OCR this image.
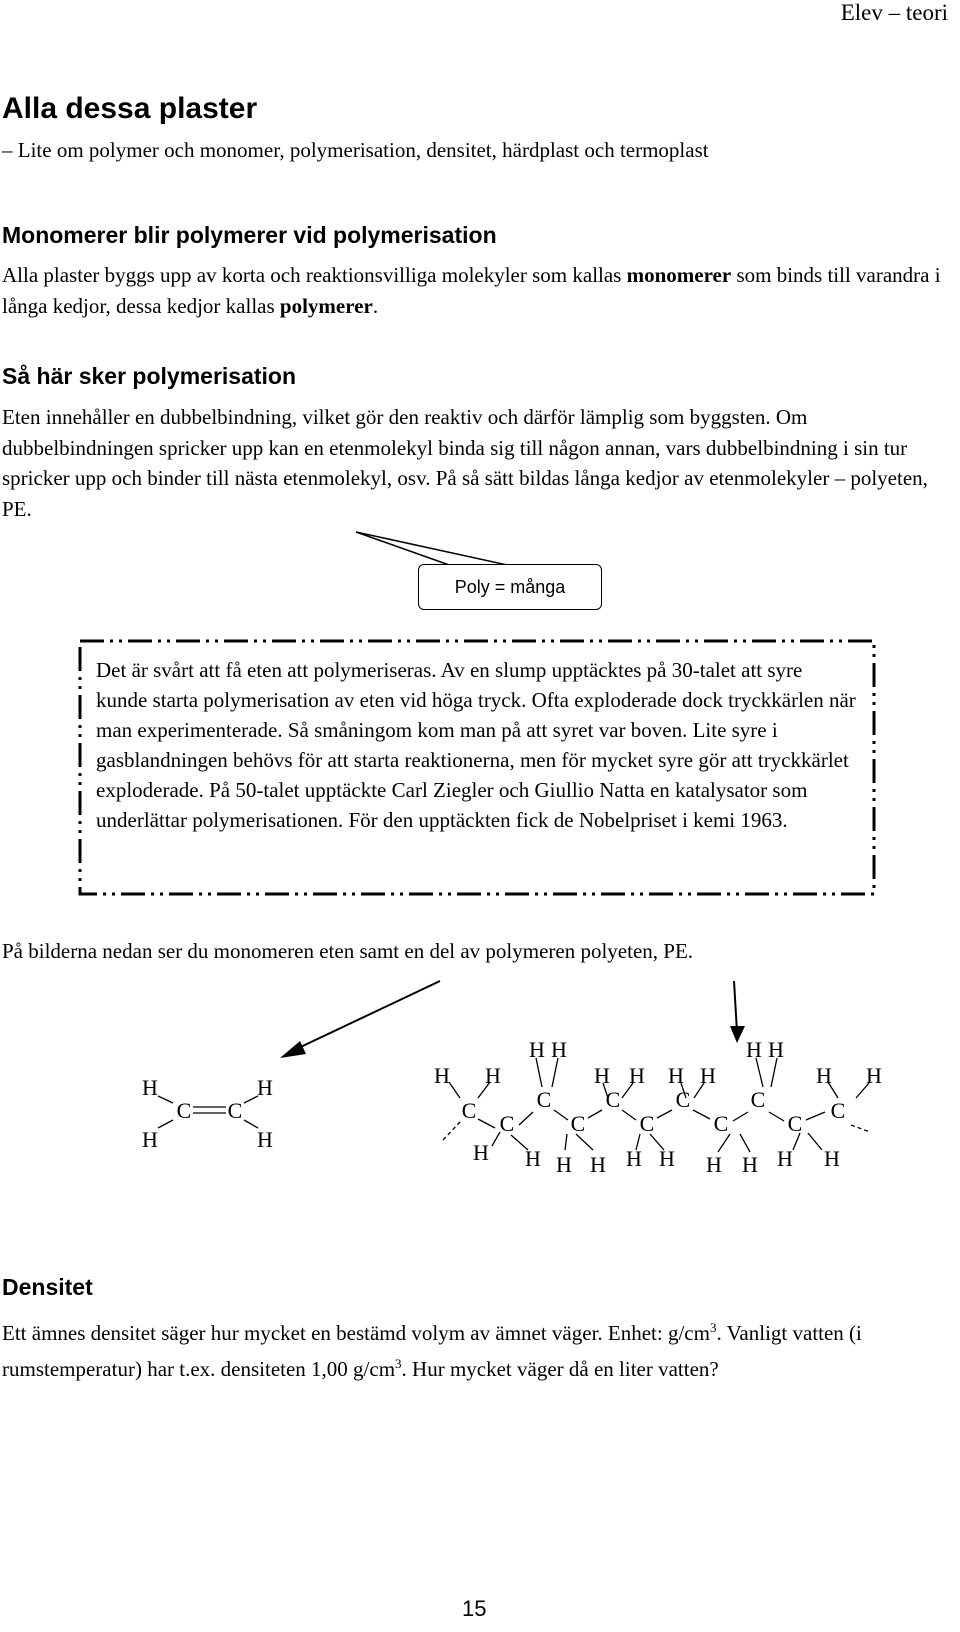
Elev – teori
Alla dessa plaster
– Lite om polymer och monomer, polymerisation, densitet, härdplast och termoplast
Monomerer blir polymerer vid polymerisation
Alla plaster byggs upp av korta och reaktionsvilliga molekyler som kallas monomerer som binds till varandra i långa kedjor, dessa kedjor kallas polymerer.
Så här sker polymerisation
Eten innehåller en dubbelbindning, vilket gör den reaktiv och därför lämplig som byggsten. Om dubbelbindningen spricker upp kan en etenmolekyl binda sig till någon annan, vars dubbelbindning i sin tur spricker upp och binder till nästa etenmolekyl, osv. På så sätt bildas långa kedjor av etenmolekyler – polyeten, PE.
H
H
C C
H
H
H H
H H
H H H H
H H
H H
C
C
C
C
C
C
C
C
C
C
C
H H H H H H H H H H
Poly = många
Det är svårt att få eten att polymeriseras. Av en slump upptäcktes på 30-talet att syre kunde starta polymerisation av eten vid höga tryck. Ofta exploderade dock tryckkärlen när man experimenterade. Så småningom kom man på att syret var boven. Lite syre i gasblandningen behövs för att starta reaktionerna, men för mycket syre gör att tryckkärlet exploderade. På 50-talet upptäckte Carl Ziegler och Giullio Natta en katalysator som underlättar polymerisationen. För den upptäckten fick de Nobelpriset i kemi 1963.
På bilderna nedan ser du monomeren eten samt en del av polymeren polyeten, PE.
Densitet
Ett ämnes densitet säger hur mycket en bestämd volym av ämnet väger. Enhet: $g/cm^3$. Vanligt vatten (i rumstemperatur) har t.ex. densiteten 1,00 $g/cm^3$. Hur mycket väger då en liter vatten?
15
